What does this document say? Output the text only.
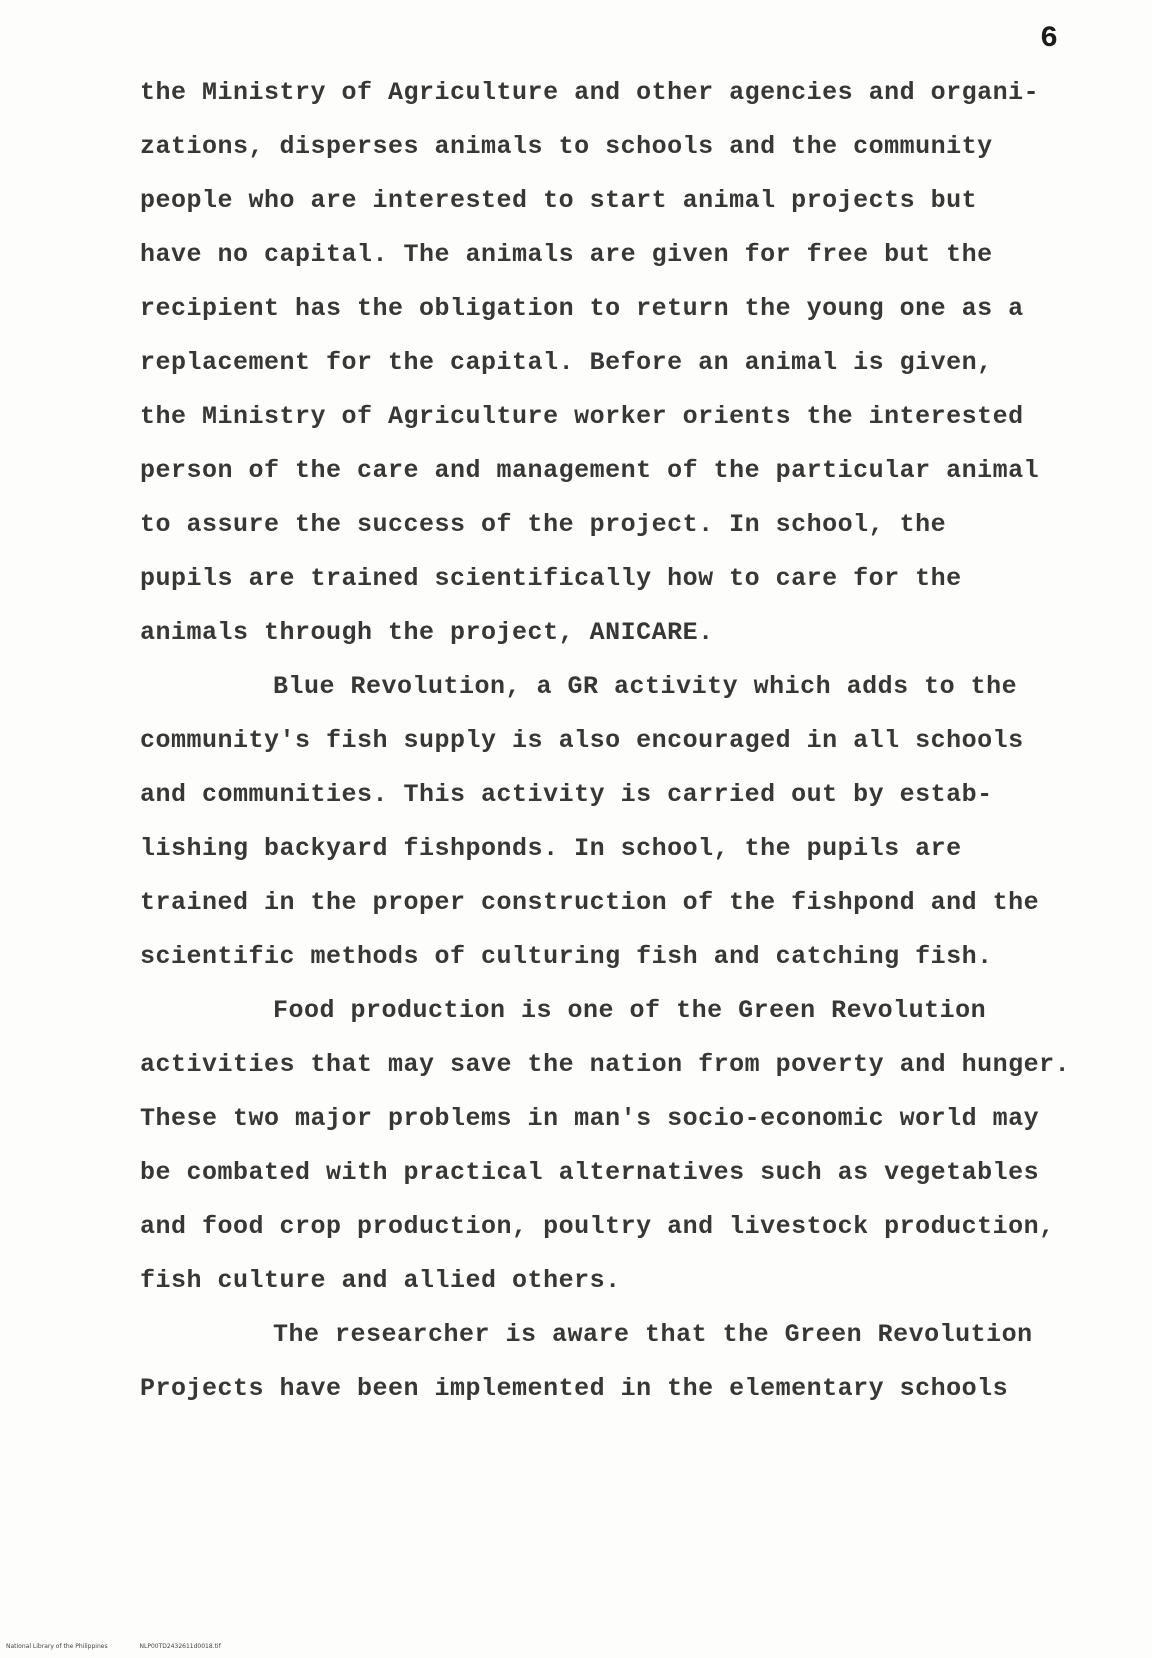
6
the Ministry of Agriculture and other agencies and organi-
zations, disperses animals to schools and the community
people who are interested to start animal projects but
have no capital. The animals are given for free but the
recipient has the obligation to return the young one as a
replacement for the capital. Before an animal is given,
the Ministry of Agriculture worker orients the interested
person of the care and management of the particular animal
to assure the success of the project. In school, the
pupils are trained scientifically how to care for the
animals through the project, ANICARE.
Blue Revolution, a GR activity which adds to the
community's fish supply is also encouraged in all schools
and communities. This activity is carried out by estab-
lishing backyard fishponds. In school, the pupils are
trained in the proper construction of the fishpond and the
scientific methods of culturing fish and catching fish.
Food production is one of the Green Revolution
activities that may save the nation from poverty and hunger.
These two major problems in man's socio-economic world may
be combated with practical alternatives such as vegetables
and food crop production, poultry and livestock production,
fish culture and allied others.
The researcher is aware that the Green Revolution
Projects have been implemented in the elementary schools
National Library of the Philippines	NLP00TD2432611d0018.tif
